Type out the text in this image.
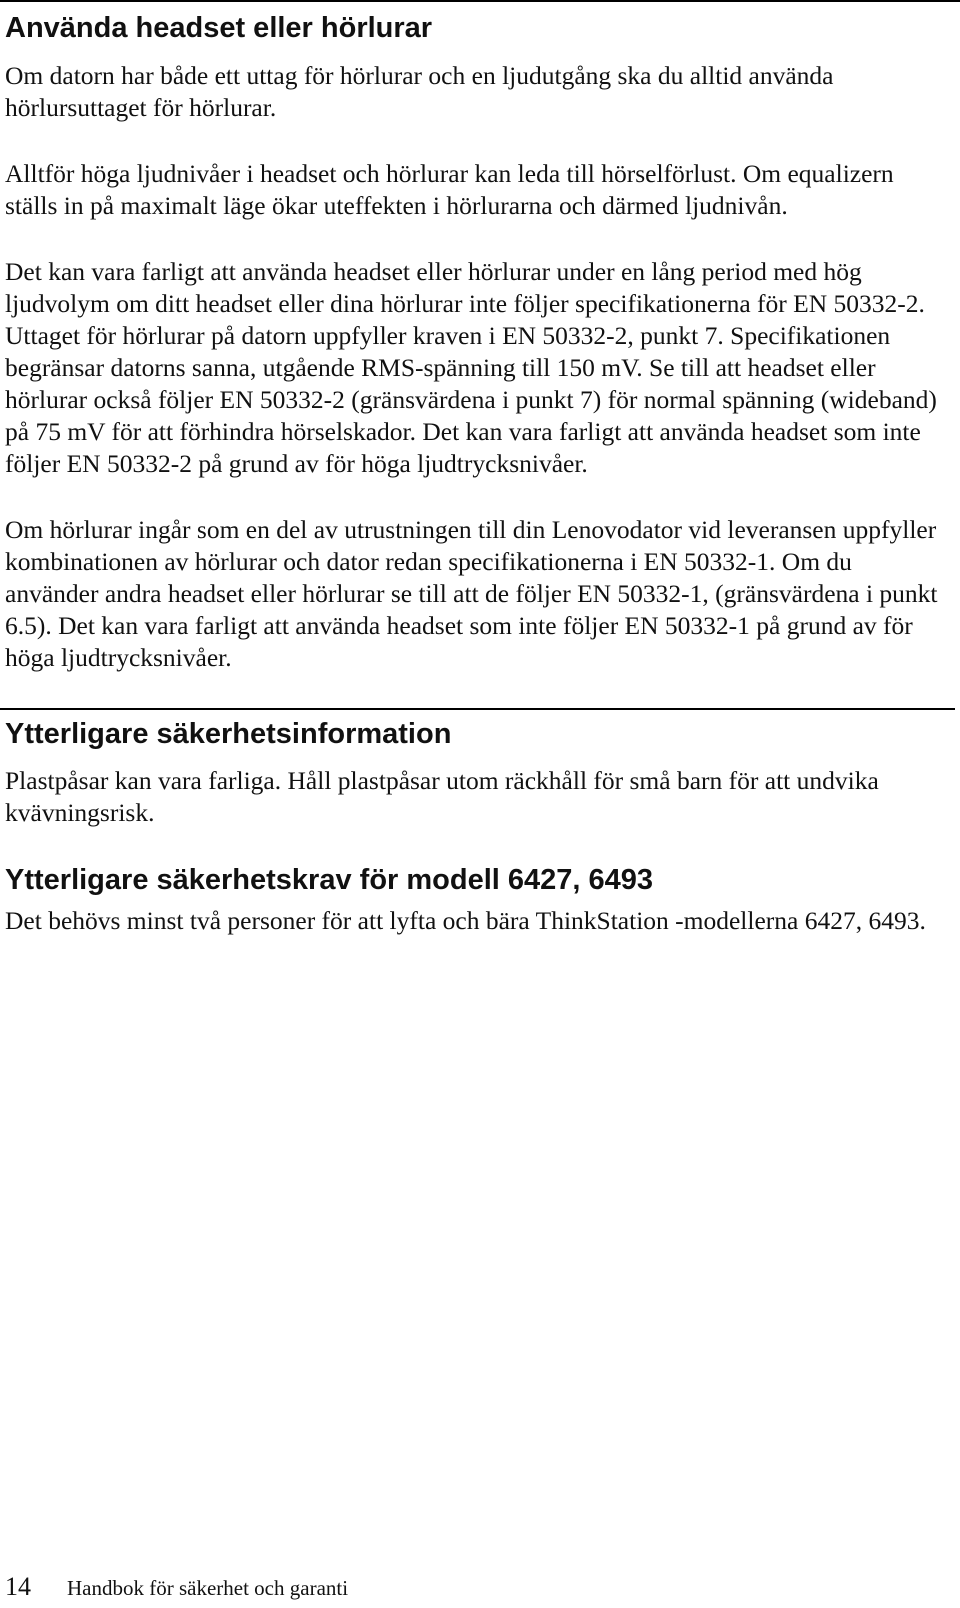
Använda headset eller hörlurar

Om datorn har både ett uttag för hörlurar och en ljudutgång ska du alltid använda hörlursuttaget för hörlurar.

Alltför höga ljudnivåer i headset och hörlurar kan leda till hörselförlust. Om equalizern ställs in på maximalt läge ökar uteffekten i hörlurarna och därmed ljudnivån.

Det kan vara farligt att använda headset eller hörlurar under en lång period med hög ljudvolym om ditt headset eller dina hörlurar inte följer specifikationerna för EN 50332-2. Uttaget för hörlurar på datorn uppfyller kraven i EN 50332-2, punkt 7. Specifikationen begränsar datorns sanna, utgående RMS-spänning till 150 mV. Se till att headset eller hörlurar också följer EN 50332-2 (gränsvärdena i punkt 7) för normal spänning (wideband) på 75 mV för att förhindra hörselskador. Det kan vara farligt att använda headset som inte följer EN 50332-2 på grund av för höga ljudtrycksnivåer.

Om hörlurar ingår som en del av utrustningen till din Lenovodator vid leveransen uppfyller kombinationen av hörlurar och dator redan specifikationerna i EN 50332-1. Om du använder andra headset eller hörlurar se till att de följer EN 50332-1, (gränsvärdena i punkt 6.5). Det kan vara farligt att använda headset som inte följer EN 50332-1 på grund av för höga ljudtrycksnivåer.

Ytterligare säkerhetsinformation

Plastpåsar kan vara farliga. Håll plastpåsar utom räckhåll för små barn för att undvika kvävningsrisk.

Ytterligare säkerhetskrav för modell 6427, 6493

Det behövs minst två personer för att lyfta och bära ThinkStation -modellerna 6427, 6493.

14 Handbok för säkerhet och garanti
